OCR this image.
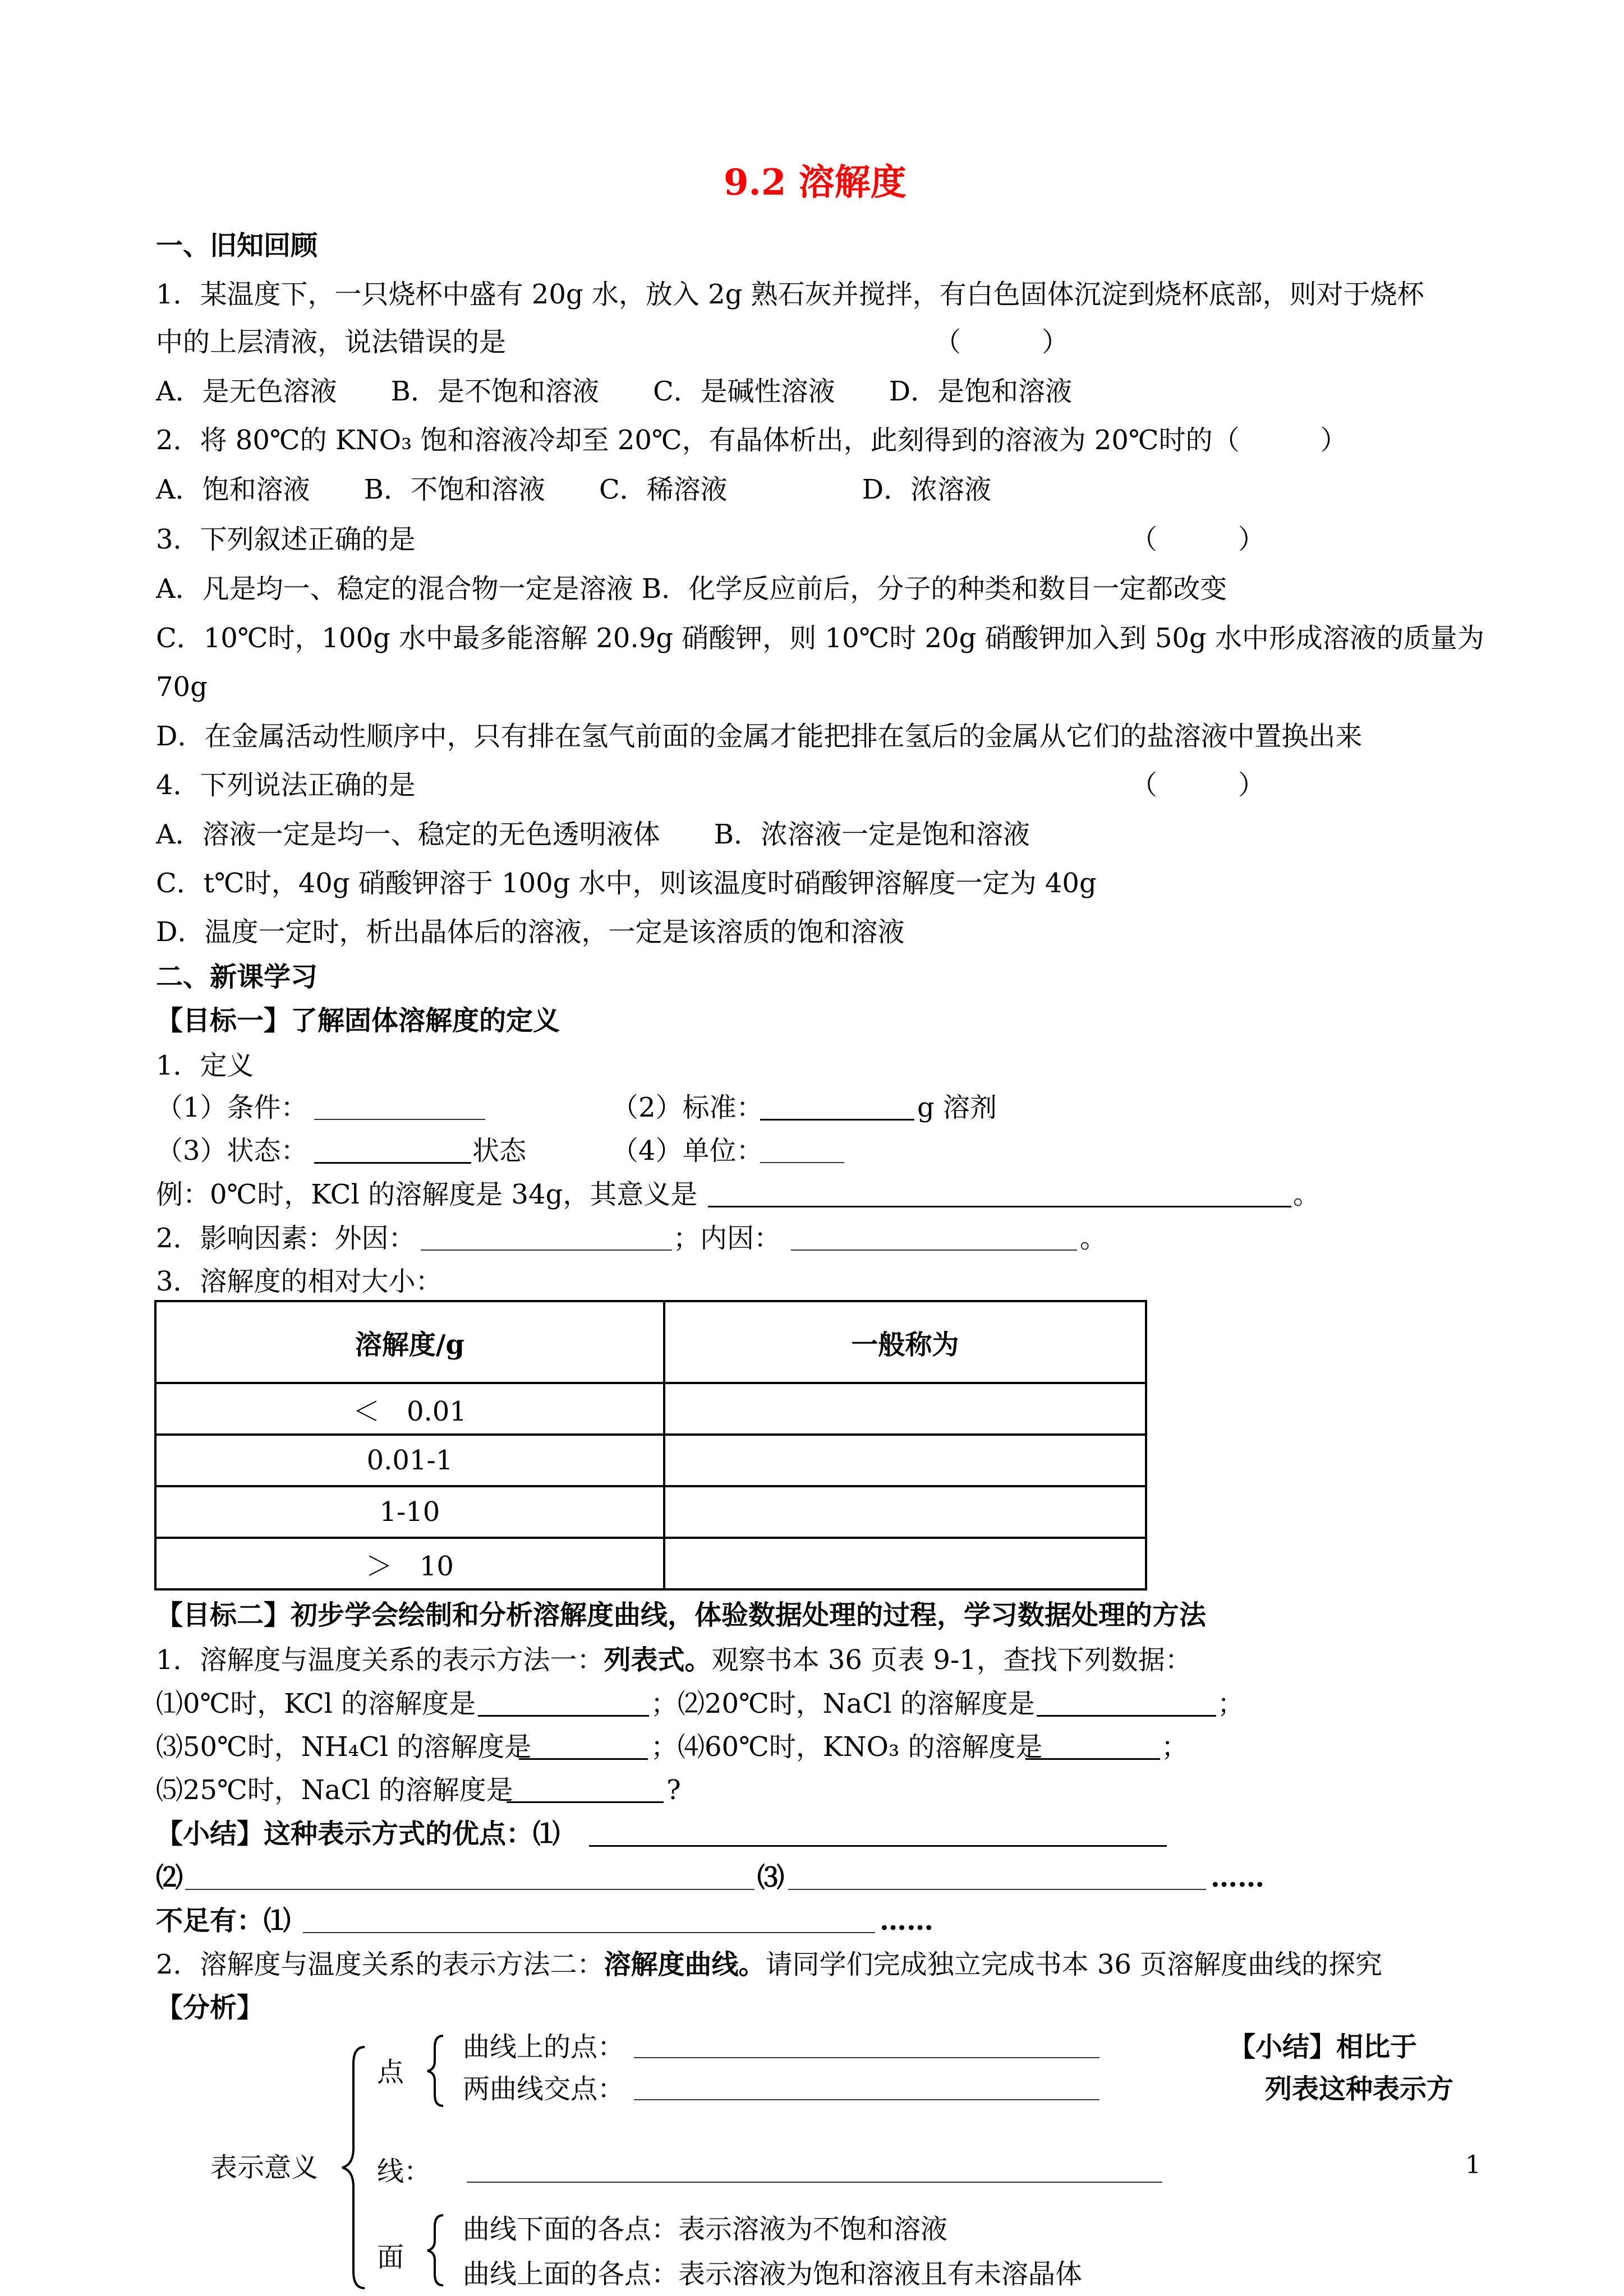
9.2 溶解度
一、旧知回顾
1．某温度下，一只烧杯中盛有 20g 水，放入 2g 熟石灰并搅拌，有白色固体沉淀到烧杯底部，则对于烧杯
中的上层清液，说法错误的是	（　　　）
A．是无色溶液　　B．是不饱和溶液　　C．是碱性溶液　　D．是饱和溶液
2．将 80℃的 KNO₃ 饱和溶液冷却至 20℃，有晶体析出，此刻得到的溶液为 20℃时的（　　　）
A．饱和溶液　　B．不饱和溶液　　C．稀溶液　　　　　D．浓溶液
3．下列叙述正确的是	（　　　）
A．凡是均一、稳定的混合物一定是溶液 B．化学反应前后，分子的种类和数目一定都改变
C．10℃时，100g 水中最多能溶解 20.9g 硝酸钾，则 10℃时 20g 硝酸钾加入到 50g 水中形成溶液的质量为
70g
D．在金属活动性顺序中，只有排在氢气前面的金属才能把排在氢后的金属从它们的盐溶液中置换出来
4．下列说法正确的是	（　　　）
A．溶液一定是均一、稳定的无色透明液体　　B．浓溶液一定是饱和溶液
C．t℃时，40g 硝酸钾溶于 100g 水中，则该温度时硝酸钾溶解度一定为 40g
D．温度一定时，析出晶体后的溶液，一定是该溶质的饱和溶液
二、新课学习
【目标一】了解固体溶解度的定义
1．定义
（1）条件：	（2）标准：	g 溶剂
（3）状态：	状态	（4）单位：
例：0℃时，KCl 的溶解度是 34g，其意义是	。
2．影响因素：外因：	；内因：	。
3．溶解度的相对大小：
溶解度/g	一般称为
＜　0.01	
0.01-1	
1-10	
＞　10	
【目标二】初步学会绘制和分析溶解度曲线，体验数据处理的过程，学习数据处理的方法
1．溶解度与温度关系的表示方法一：列表式。观察书本 36 页表 9-1，查找下列数据：
⑴0℃时，KCl 的溶解度是	；⑵20℃时，NaCl 的溶解度是	；
⑶50℃时，NH₄Cl 的溶解度是	；⑷60℃时，KNO₃ 的溶解度是	；
⑸25℃时，NaCl 的溶解度是	?
【小结】这种表示方式的优点：⑴
⑵	⑶	……
不足有：⑴	……
2．溶解度与温度关系的表示方法二：溶解度曲线。请同学们完成独立完成书本 36 页溶解度曲线的探究
【分析】
表示意义
点
曲线上的点：
两曲线交点：
线：
面
曲线下面的各点：表示溶液为不饱和溶液
曲线上面的各点：表示溶液为饱和溶液且有未溶晶体
【小结】相比于
列表这种表示方
1
